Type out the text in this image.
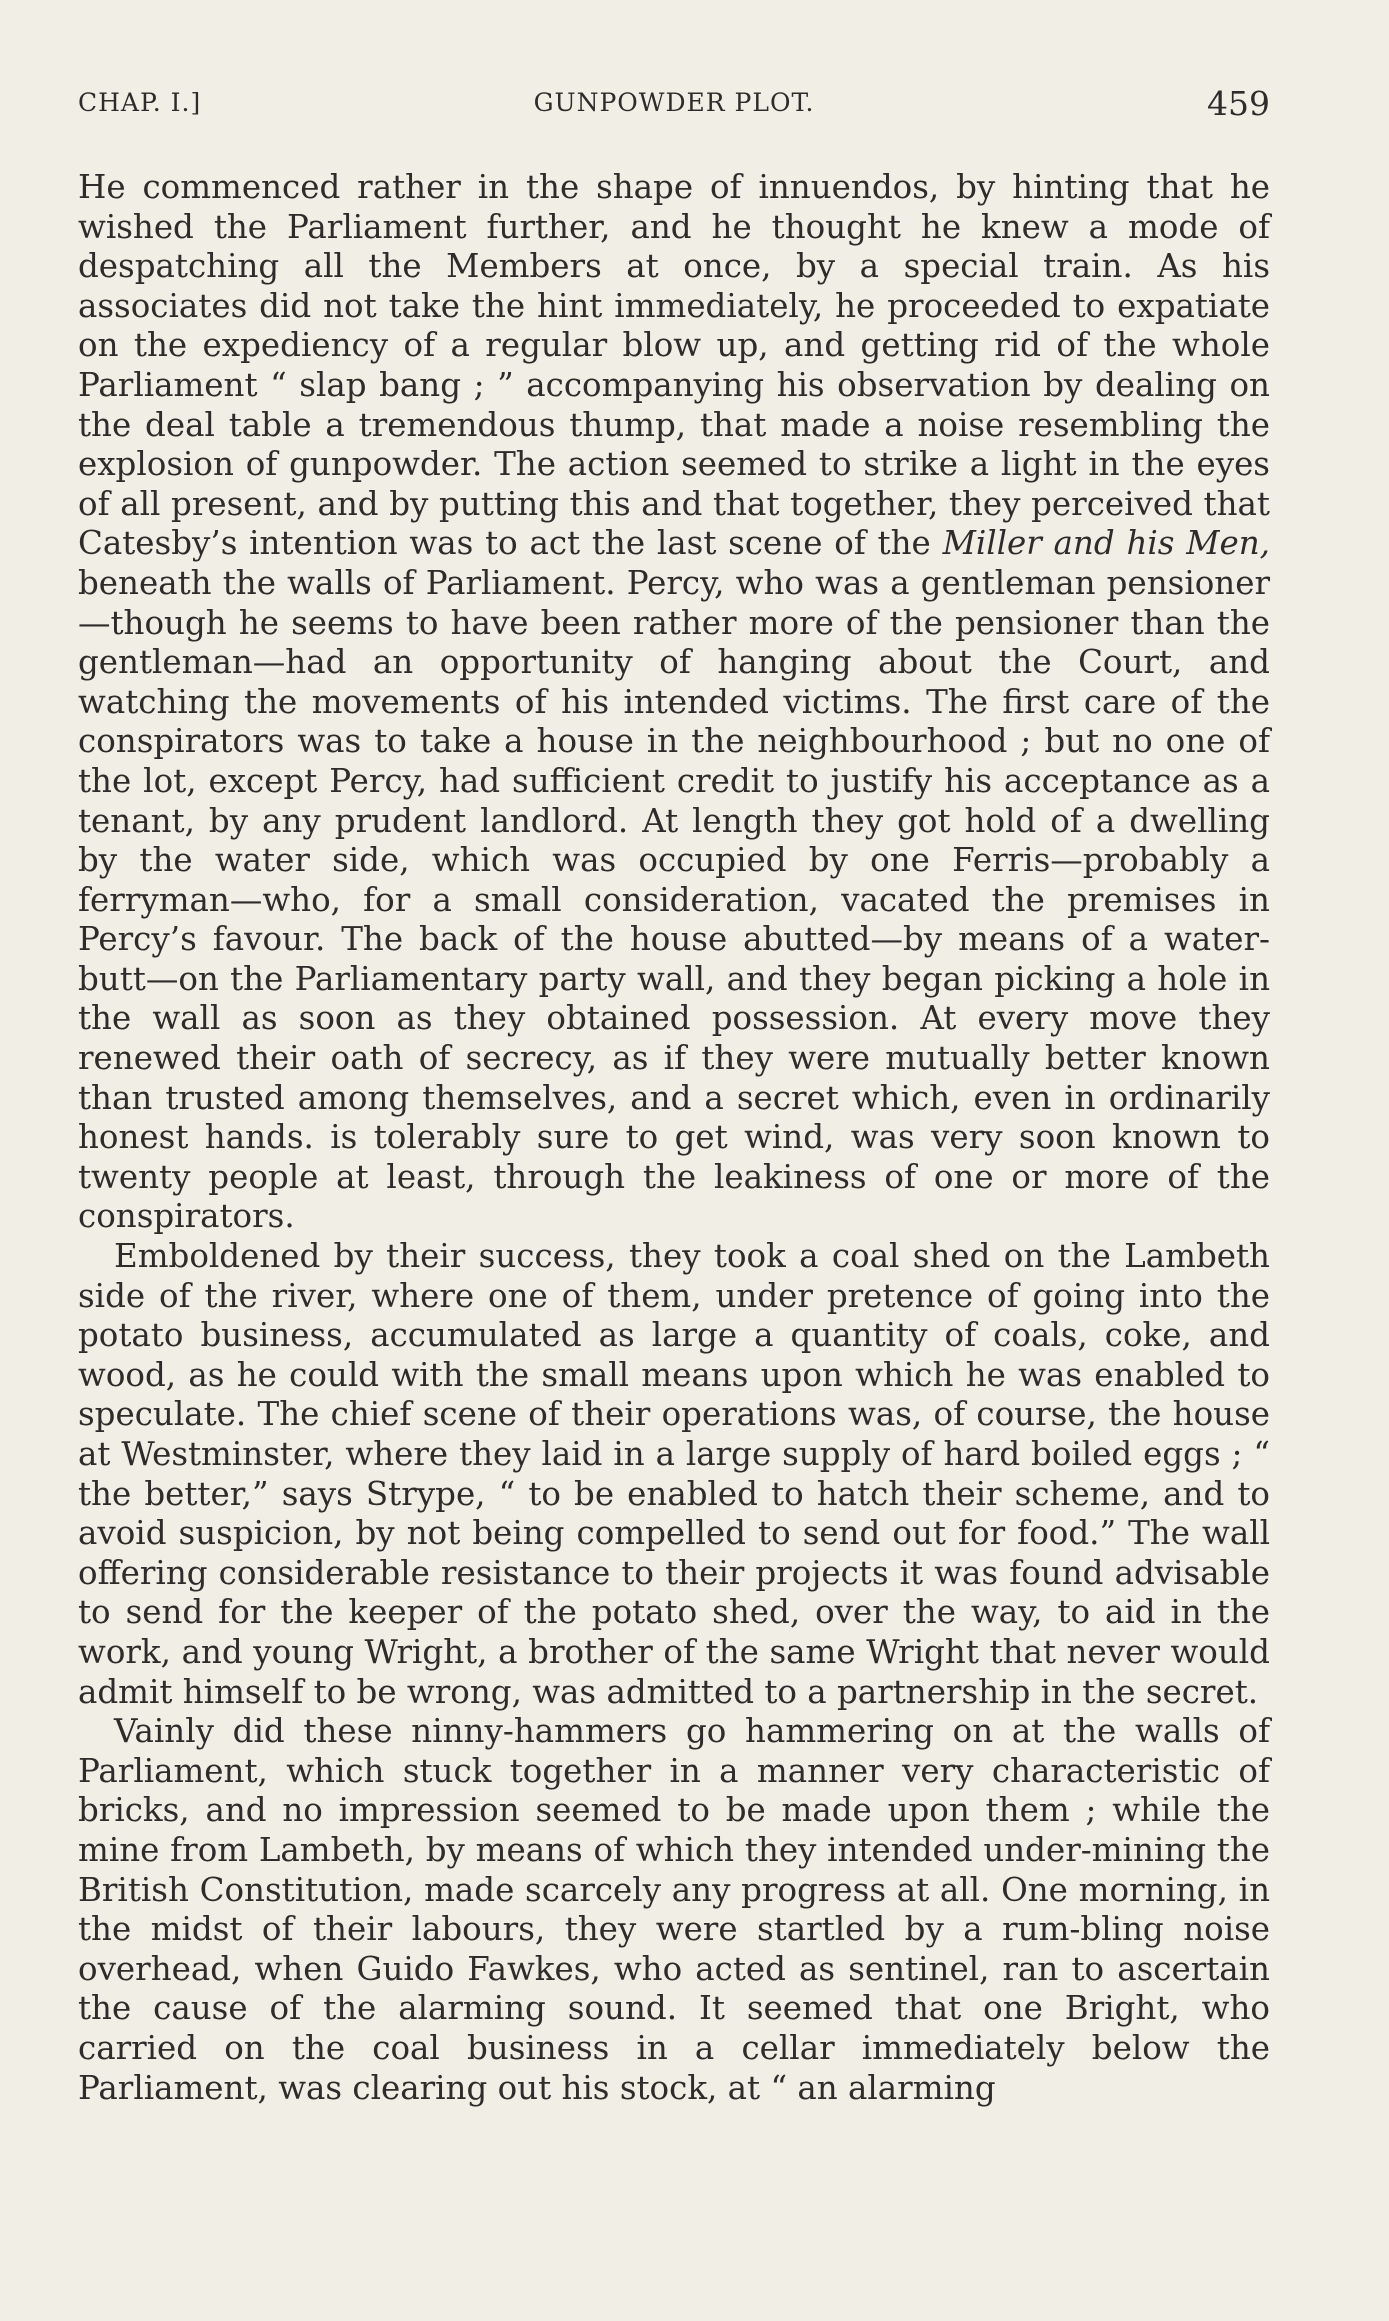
CHAP. I.]	GUNPOWDER PLOT.	459

He commenced rather in the shape of innuendos, by hinting that he wished the Parliament further, and he thought he knew a mode of despatching all the Members at once, by a special train. As his associates did not take the hint immediately, he proceeded to expatiate on the expediency of a regular blow up, and getting rid of the whole Parliament “ slap bang ; ” accompanying his observation by dealing on the deal table a tremendous thump, that made a noise resembling the explosion of gunpowder. The action seemed to strike a light in the eyes of all present, and by putting this and that together, they perceived that Catesby’s intention was to act the last scene of the Miller and his Men, beneath the walls of Parliament. Percy, who was a gentleman pensioner—though he seems to have been rather more of the pensioner than the gentleman—had an opportunity of hanging about the Court, and watching the movements of his intended victims. The first care of the conspirators was to take a house in the neighbourhood ; but no one of the lot, except Percy, had sufficient credit to justify his acceptance as a tenant, by any prudent landlord. At length they got hold of a dwelling by the water side, which was occupied by one Ferris—probably a ferryman—who, for a small consideration, vacated the premises in Percy’s favour. The back of the house abutted—by means of a water-butt—on the Parliamentary party wall, and they began picking a hole in the wall as soon as they obtained possession. At every move they renewed their oath of secrecy, as if they were mutually better known than trusted among themselves, and a secret which, even in ordinarily honest hands. is tolerably sure to get wind, was very soon known to twenty people at least, through the leakiness of one or more of the conspirators.

Emboldened by their success, they took a coal shed on the Lambeth side of the river, where one of them, under pretence of going into the potato business, accumulated as large a quantity of coals, coke, and wood, as he could with the small means upon which he was enabled to speculate. The chief scene of their operations was, of course, the house at Westminster, where they laid in a large supply of hard boiled eggs ; “ the better,” says Strype, “ to be enabled to hatch their scheme, and to avoid suspicion, by not being compelled to send out for food.” The wall offering considerable resistance to their projects it was found advisable to send for the keeper of the potato shed, over the way, to aid in the work, and young Wright, a brother of the same Wright that never would admit himself to be wrong, was admitted to a partnership in the secret.

Vainly did these ninny-hammers go hammering on at the walls of Parliament, which stuck together in a manner very characteristic of bricks, and no impression seemed to be made upon them ; while the mine from Lambeth, by means of which they intended under-mining the British Constitution, made scarcely any progress at all. One morning, in the midst of their labours, they were startled by a rum-bling noise overhead, when Guido Fawkes, who acted as sentinel, ran to ascertain the cause of the alarming sound. It seemed that one Bright, who carried on the coal business in a cellar immediately below the Parliament, was clearing out his stock, at “ an alarming
